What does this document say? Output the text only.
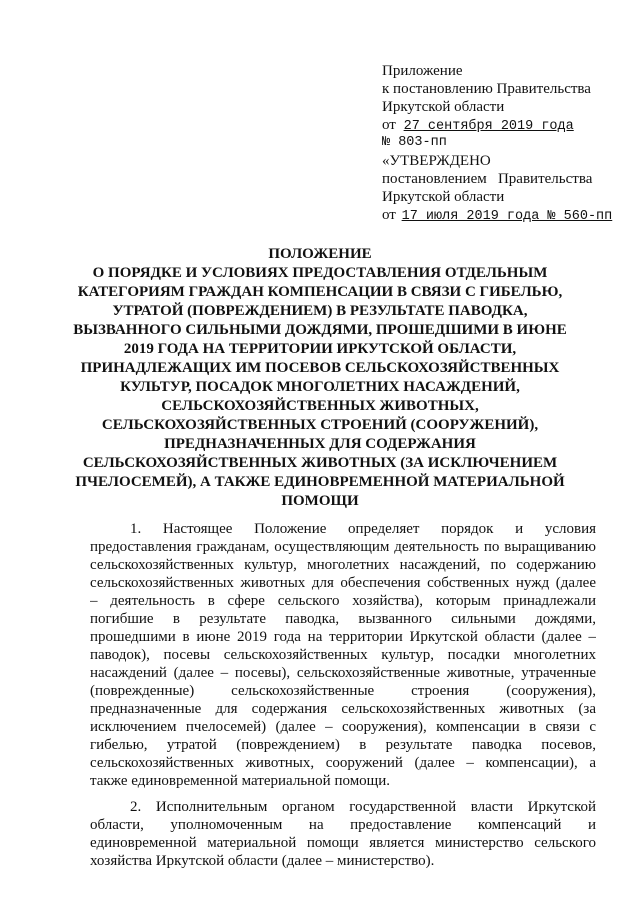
Приложение
к постановлению Правительства
Иркутской области
от 27 сентября 2019 года
№ 803-пп
«УТВЕРЖДЕНО
постановлением   Правительства
Иркутской области
от 17 июля 2019 года № 560-пп
ПОЛОЖЕНИЕ
О ПОРЯДКЕ И УСЛОВИЯХ ПРЕДОСТАВЛЕНИЯ ОТДЕЛЬНЫМ
КАТЕГОРИЯМ ГРАЖДАН КОМПЕНСАЦИИ В СВЯЗИ С ГИБЕЛЬЮ,
УТРАТОЙ (ПОВРЕЖДЕНИЕМ) В РЕЗУЛЬТАТЕ ПАВОДКА,
ВЫЗВАННОГО СИЛЬНЫМИ ДОЖДЯМИ, ПРОШЕДШИМИ В ИЮНЕ
2019 ГОДА НА ТЕРРИТОРИИ ИРКУТСКОЙ ОБЛАСТИ,
ПРИНАДЛЕЖАЩИХ ИМ ПОСЕВОВ СЕЛЬСКОХОЗЯЙСТВЕННЫХ
КУЛЬТУР, ПОСАДОК МНОГОЛЕТНИХ НАСАЖДЕНИЙ,
СЕЛЬСКОХОЗЯЙСТВЕННЫХ ЖИВОТНЫХ,
СЕЛЬСКОХОЗЯЙСТВЕННЫХ СТРОЕНИЙ (СООРУЖЕНИЙ),
ПРЕДНАЗНАЧЕННЫХ ДЛЯ СОДЕРЖАНИЯ
СЕЛЬСКОХОЗЯЙСТВЕННЫХ ЖИВОТНЫХ (ЗА ИСКЛЮЧЕНИЕМ
ПЧЕЛОСЕМЕЙ), А ТАКЖЕ ЕДИНОВРЕМЕННОЙ МАТЕРИАЛЬНОЙ
ПОМОЩИ
1.    Настоящее    Положение    определяет    порядок    и    условия
предоставления гражданам, осуществляющим деятельность по выращиванию
сельскохозяйственных культур, многолетних насаждений, по содержанию
сельскохозяйственных животных для обеспечения собственных нужд (далее
– деятельность в сфере сельского хозяйства), которым принадлежали
погибшие в результате паводка, вызванного сильными дождями,
прошедшими в июне 2019 года на территории Иркутской области (далее –
паводок), посевы сельскохозяйственных культур, посадки многолетних
насаждений (далее – посевы), сельскохозяйственные животные, утраченные
(поврежденные) сельскохозяйственные строения (сооружения),
предназначенные для содержания сельскохозяйственных животных (за
исключением пчелосемей) (далее – сооружения), компенсации в связи с
гибелью, утратой (повреждением) в результате паводка посевов,
сельскохозяйственных животных, сооружений (далее – компенсации), а
также единовременной материальной помощи.
2. Исполнительным органом государственной власти Иркутской
области, уполномоченным на предоставление компенсаций и
единовременной материальной помощи является министерство сельского
хозяйства Иркутской области (далее – министерство).
